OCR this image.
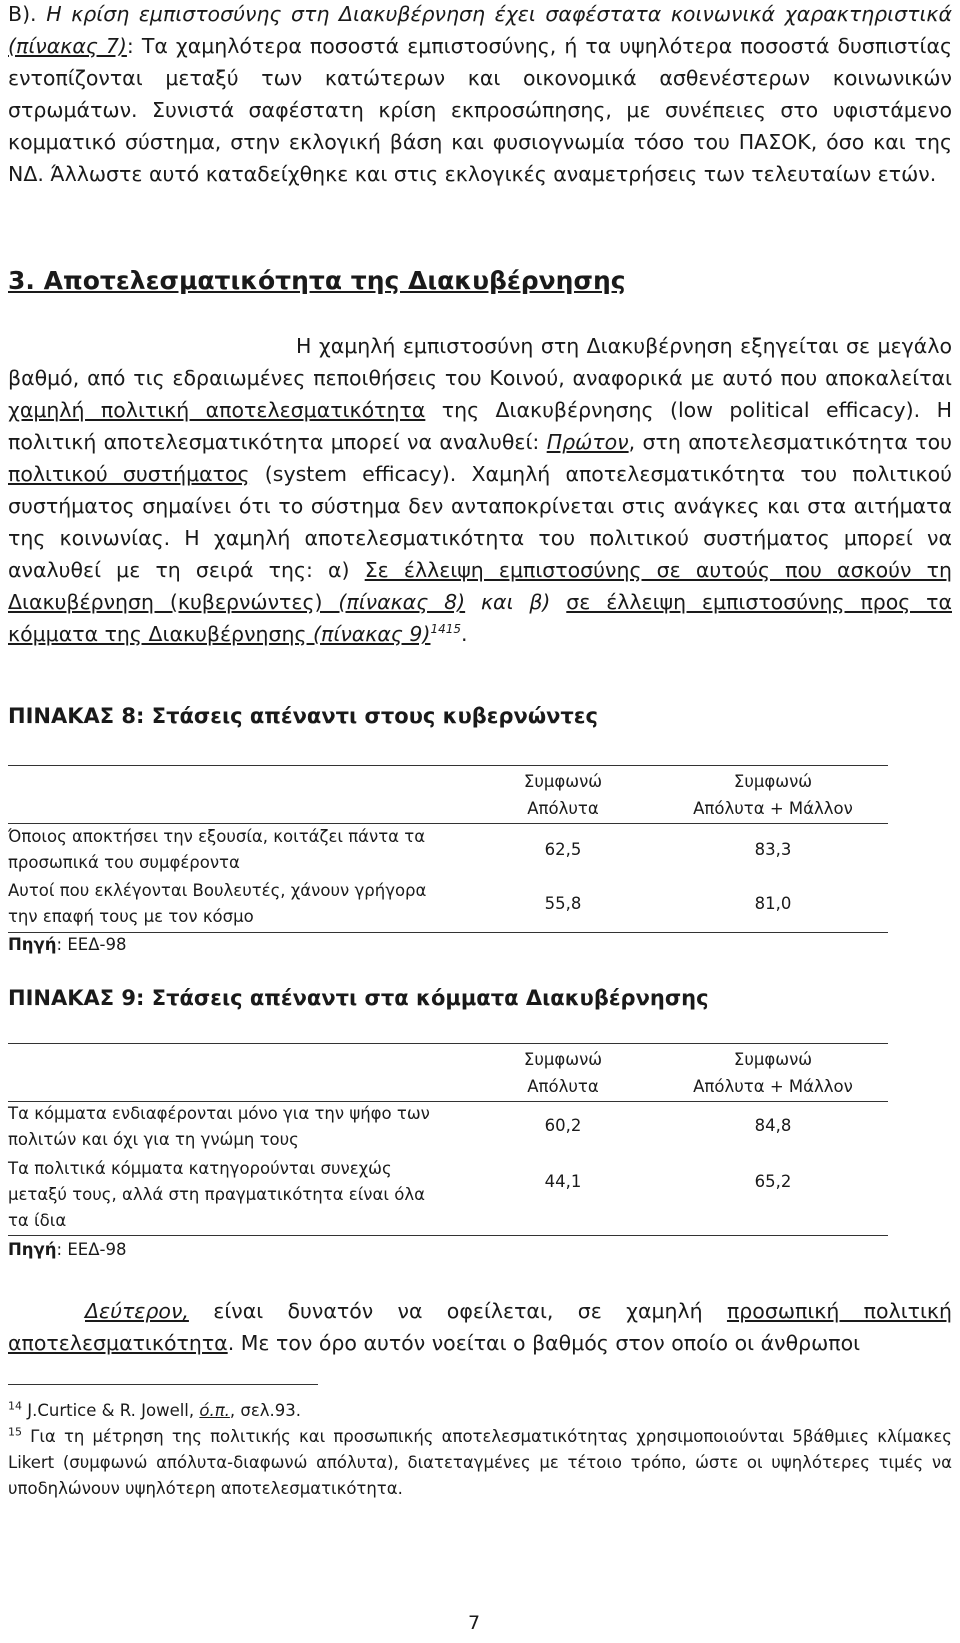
Β). Η κρίση εμπιστοσύνης στη Διακυβέρνηση έχει σαφέστατα κοινωνικά χαρακτηριστικά (πίνακας 7): Τα χαμηλότερα ποσοστά εμπιστοσύνης, ή τα υψηλότερα ποσοστά δυσπιστίας εντοπίζονται μεταξύ των κατώτερων και οικονομικά ασθενέστερων κοινωνικών στρωμάτων. Συνιστά σαφέστατη κρίση εκπροσώπησης, με συνέπειες στο υφιστάμενο κομματικό σύστημα, στην εκλογική βάση και φυσιογνωμία τόσο του ΠΑΣΟΚ, όσο και της ΝΔ. Άλλωστε αυτό καταδείχθηκε και στις εκλογικές αναμετρήσεις των τελευταίων ετών.

3. Αποτελεσματικότητα της Διακυβέρνησης

Η χαμηλή εμπιστοσύνη στη Διακυβέρνηση εξηγείται σε μεγάλο βαθμό, από τις εδραιωμένες πεποιθήσεις του Κοινού, αναφορικά με αυτό που αποκαλείται χαμηλή πολιτική αποτελεσματικότητα της Διακυβέρνησης (low political efficacy). Η πολιτική αποτελεσματικότητα μπορεί να αναλυθεί: Πρώτον, στη αποτελεσματικότητα του πολιτικού συστήματος (system efficacy). Χαμηλή αποτελεσματικότητα του πολιτικού συστήματος σημαίνει ότι το σύστημα δεν ανταποκρίνεται στις ανάγκες και στα αιτήματα της κοινωνίας. Η χαμηλή αποτελεσματικότητα του πολιτικού συστήματος μπορεί να αναλυθεί με τη σειρά της: α) Σε έλλειψη εμπιστοσύνης σε αυτούς που ασκούν τη Διακυβέρνηση (κυβερνώντες) (πίνακας 8) και β) σε έλλειψη εμπιστοσύνης προς τα κόμματα της Διακυβέρνησης (πίνακας 9)$^{1415}$.

ΠΙΝΑΚΑΣ 8: Στάσεις απέναντι στους κυβερνώντες
Συμφωνώ
Απόλυτα
Συμφωνώ
Απόλυτα + Μάλλον
Όποιος αποκτήσει την εξουσία, κοιτάζει πάντα τα προσωπικά του συμφέροντα
62,5	83,3
Αυτοί που εκλέγονται Βουλευτές, χάνουν γρήγορα την επαφή τους με τον κόσμο
55,8	81,0
Πηγή: ΕΕΔ-98
ΠΙΝΑΚΑΣ 9: Στάσεις απέναντι στα κόμματα Διακυβέρνησης
Συμφωνώ
Απόλυτα
Συμφωνώ
Απόλυτα + Μάλλον
Τα κόμματα ενδιαφέρονται μόνο για την ψήφο των πολιτών και όχι για τη γνώμη τους
60,2	84,8
Τα πολιτικά κόμματα κατηγορούνται συνεχώς μεταξύ τους, αλλά στη πραγματικότητα είναι όλα τα ίδια
44,1	65,2
Πηγή: ΕΕΔ-98

Δεύτερον, είναι δυνατόν να οφείλεται, σε χαμηλή προσωπική πολιτική αποτελεσματικότητα. Με τον όρο αυτόν νοείται ο βαθμός στον οποίο οι άνθρωποι

$^{14}$ J.Curtice & R. Jowell, ό.π., σελ.93.
$^{15}$ Για τη μέτρηση της πολιτικής και προσωπικής αποτελεσματικότητας χρησιμοποιούνται 5βάθμιες κλίμακες Likert (συμφωνώ απόλυτα-διαφωνώ απόλυτα), διατεταγμένες με τέτοιο τρόπο, ώστε οι υψηλότερες τιμές να υποδηλώνουν υψηλότερη αποτελεσματικότητα.
7
